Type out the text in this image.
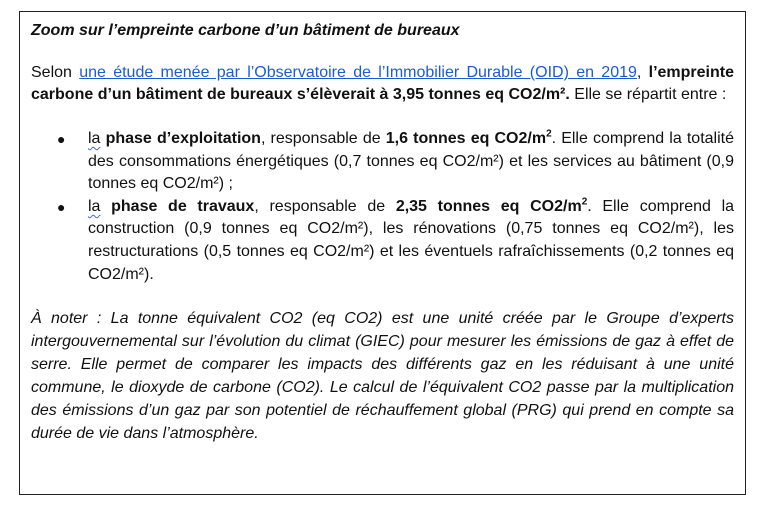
Zoom sur l’empreinte carbone d’un bâtiment de bureaux

Selon une étude menée par l’Observatoire de l’Immobilier Durable (OID) en 2019, l’empreinte carbone d’un bâtiment de bureaux s’élèverait à 3,95 tonnes eq CO2/m². Elle se répartit entre :

● la phase d’exploitation, responsable de 1,6 tonnes eq $CO2/m^2$. Elle comprend la totalité des consommations énergétiques (0,7 tonnes eq CO2/m²) et les services au bâtiment (0,9 tonnes eq CO2/m²) ;
● la phase de travaux, responsable de 2,35 tonnes eq $CO2/m^2$. Elle comprend la construction (0,9 tonnes eq CO2/m²), les rénovations (0,75 tonnes eq CO2/m²), les restructurations (0,5 tonnes eq CO2/m²) et les éventuels rafraîchissements (0,2 tonnes eq CO2/m²).

À noter : La tonne équivalent CO2 (eq CO2) est une unité créée par le Groupe d’experts intergouvernemental sur l’évolution du climat (GIEC) pour mesurer les émissions de gaz à effet de serre. Elle permet de comparer les impacts des différents gaz en les réduisant à une unité commune, le dioxyde de carbone (CO2). Le calcul de l’équivalent CO2 passe par la multiplication des émissions d’un gaz par son potentiel de réchauffement global (PRG) qui prend en compte sa durée de vie dans l’atmosphère.
